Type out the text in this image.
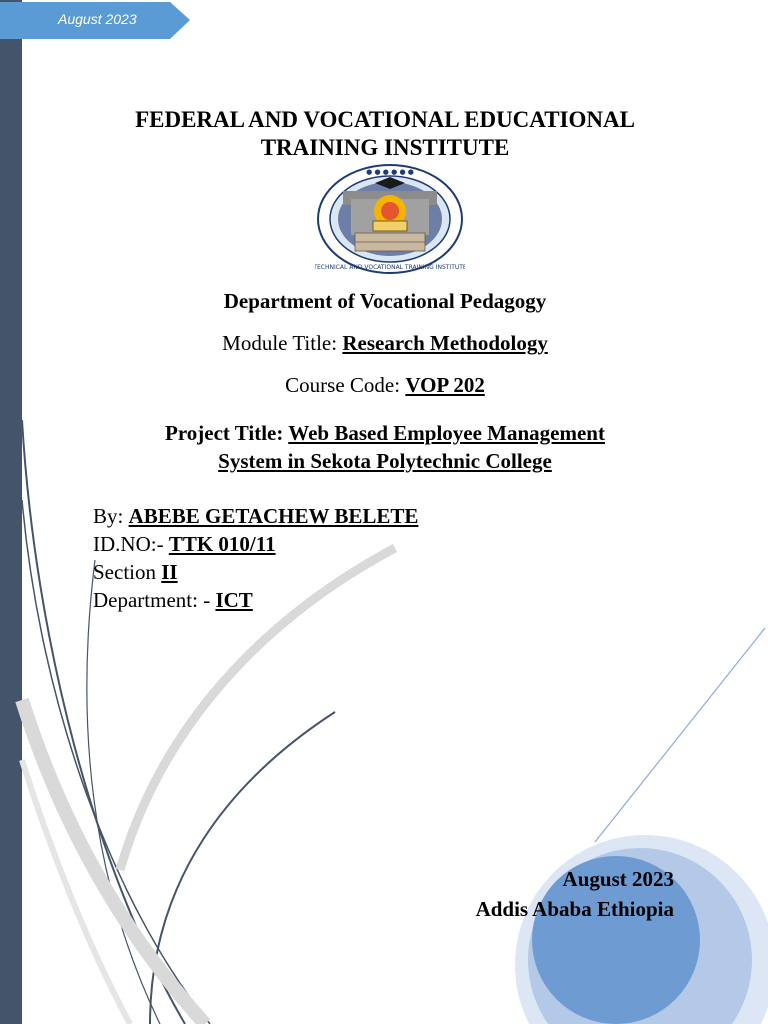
August 2023
FEDERAL AND VOCATIONAL EDUCATIONAL
TRAINING INSTITUTE
● ● ● ● ● ●
TECHNICAL AND VOCATIONAL TRAINING INSTITUTE
Department of Vocational Pedagogy
Module Title: Research Methodology
Course Code: VOP 202
Project Title: Web Based Employee Management
System in Sekota Polytechnic College
By: ABEBE GETACHEW BELETE
ID.NO:- TTK 010/11
Section II
Department: - ICT
August 2023
Addis Ababa Ethiopia
